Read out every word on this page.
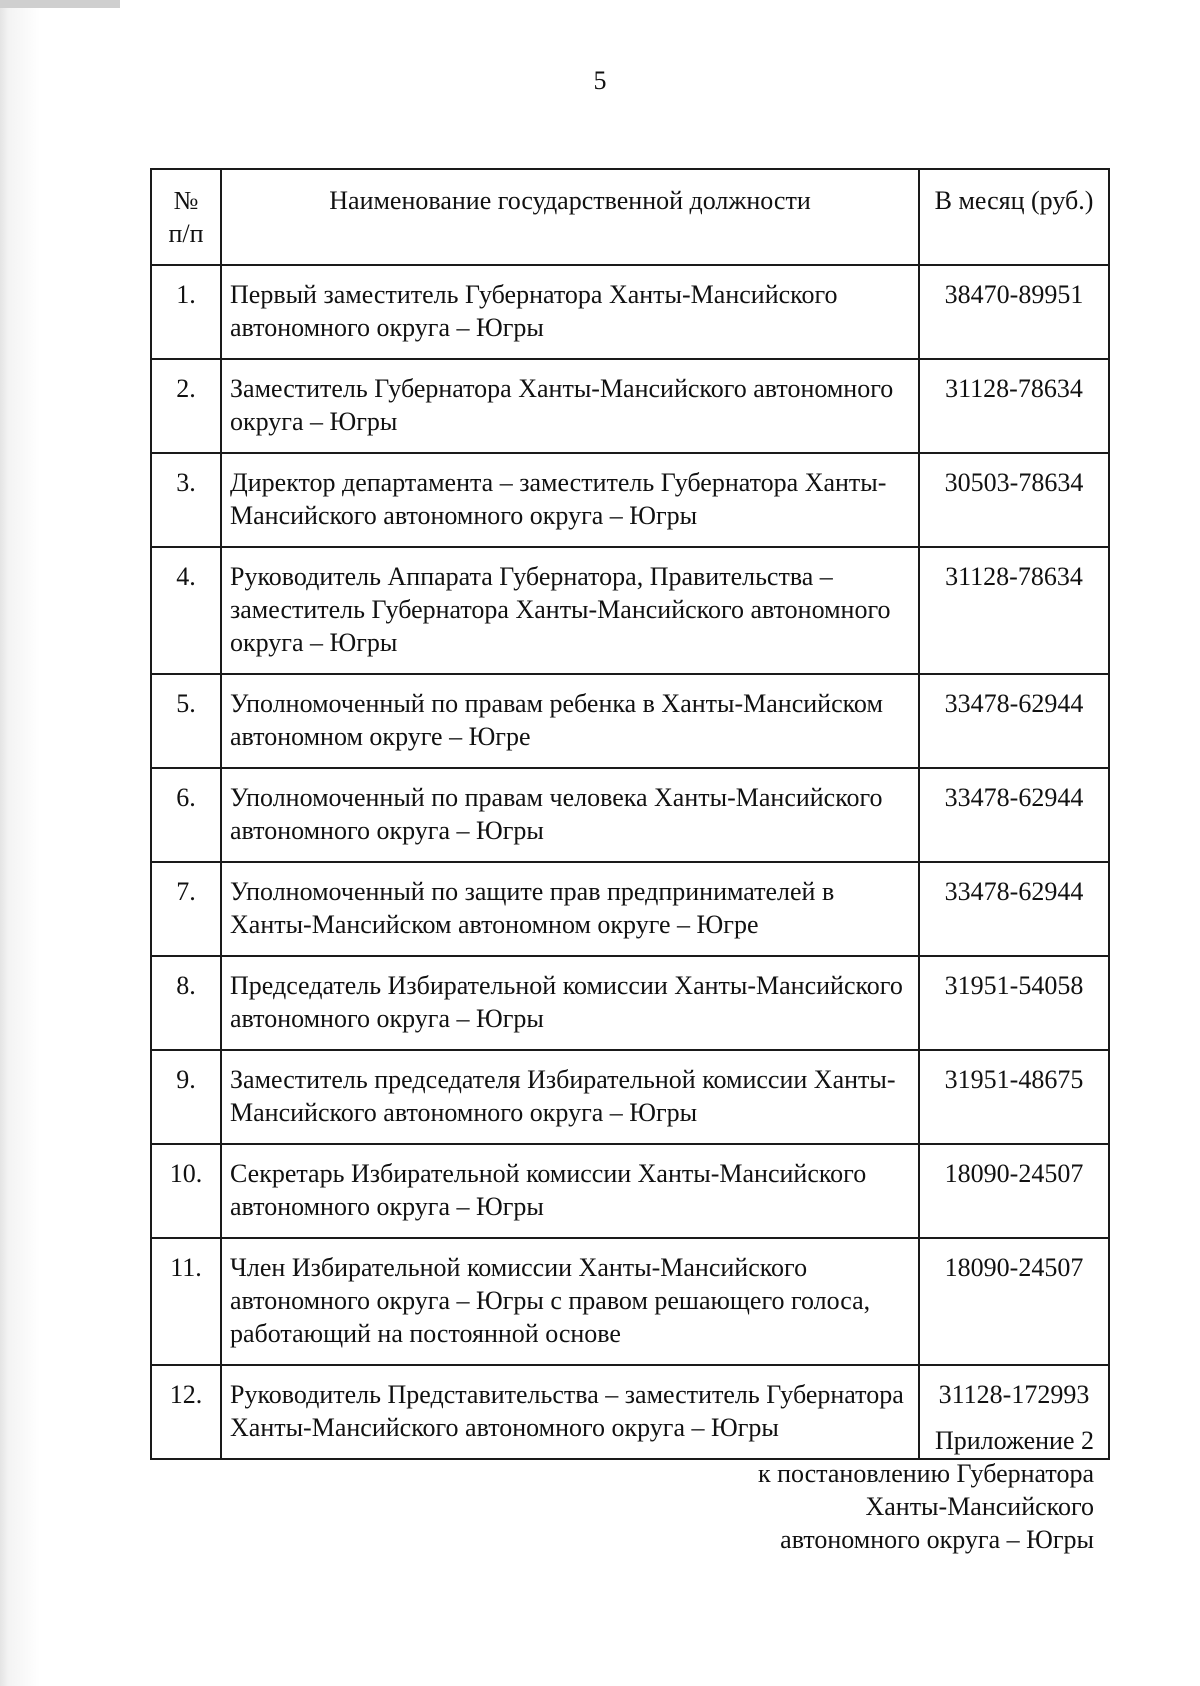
5
№ п/п	Наименование государственной должности	В месяц (руб.)
1.	Первый заместитель Губернатора Ханты-Мансийского автономного округа – Югры	38470-89951
2.	Заместитель Губернатора Ханты-Мансийского автономного округа – Югры	31128-78634
3.	Директор департамента – заместитель Губернатора Ханты-Мансийского автономного округа – Югры	30503-78634
4.	Руководитель Аппарата Губернатора, Правительства – заместитель Губернатора Ханты-Мансийского автономного округа – Югры	31128-78634
5.	Уполномоченный по правам ребенка в Ханты-Мансийском автономном округе – Югре	33478-62944
6.	Уполномоченный по правам человека Ханты-Мансийского автономного округа – Югры	33478-62944
7.	Уполномоченный по защите прав предпринимателей в Ханты-Мансийском автономном округе – Югре	33478-62944
8.	Председатель Избирательной комиссии Ханты-Мансийского автономного округа – Югры	31951-54058
9.	Заместитель председателя Избирательной комиссии Ханты-Мансийского автономного округа – Югры	31951-48675
10.	Секретарь Избирательной комиссии Ханты-Мансийского автономного округа – Югры	18090-24507
11.	Член Избирательной комиссии Ханты-Мансийского автономного округа – Югры с правом решающего голоса, работающий на постоянной основе	18090-24507
12.	Руководитель Представительства – заместитель Губернатора Ханты-Мансийского автономного округа – Югры	31128-172993
Приложение 2
к постановлению Губернатора
Ханты-Мансийского
автономного округа – Югры
